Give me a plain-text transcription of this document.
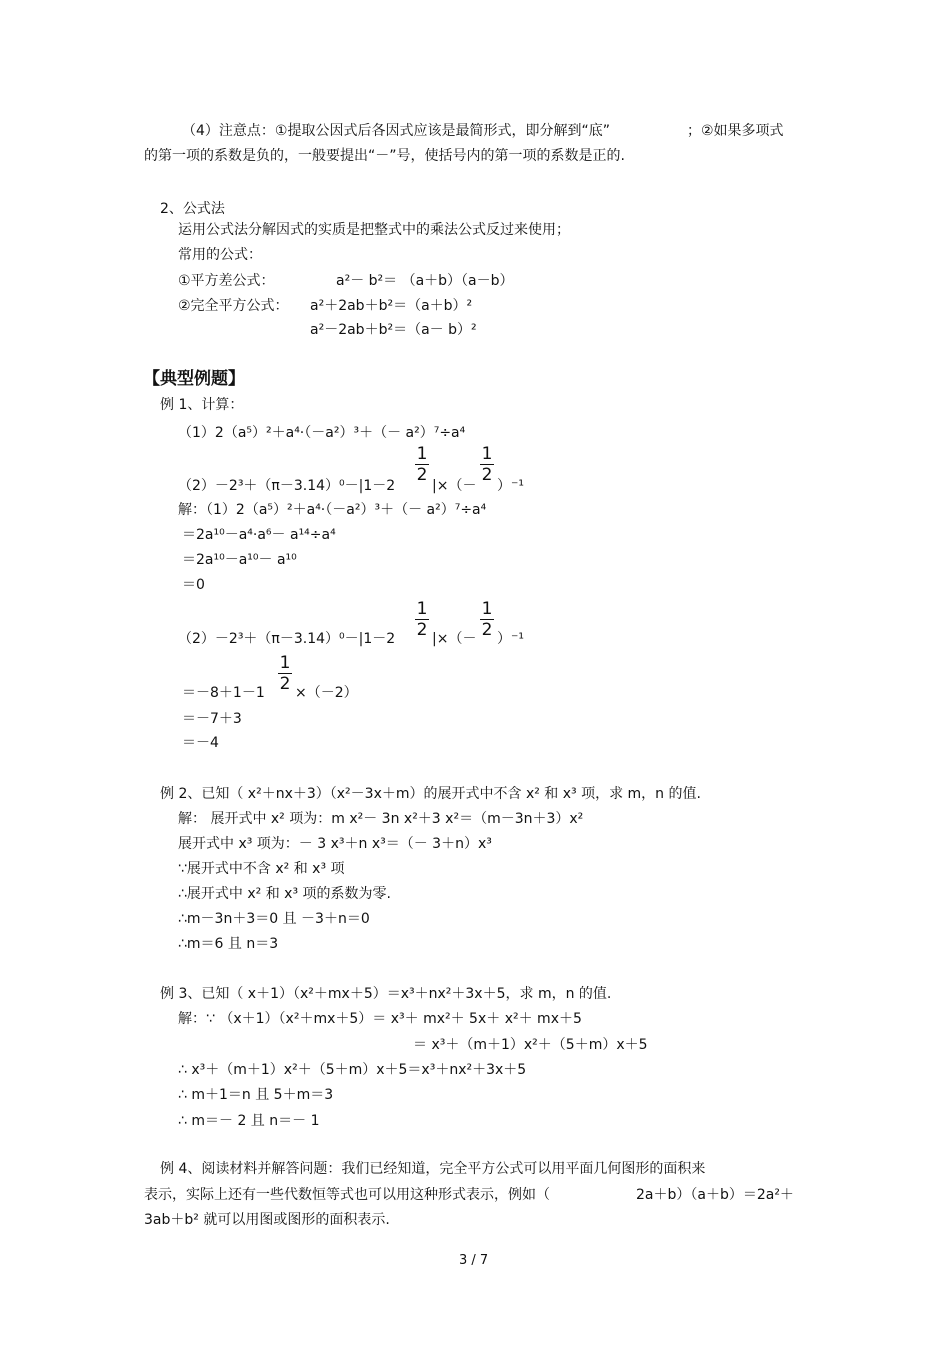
（4）注意点：①提取公因式后各因式应该是最简形式，即分解到“底”	；②如果多项式
的第一项的系数是负的，一般要提出“－”号，使括号内的第一项的系数是正的.
2、公式法
运用公式法分解因式的实质是把整式中的乘法公式反过来使用；
常用的公式：
①平方差公式：	a²－ b²＝ （a＋b）（a－b）
②完全平方公式： a²＋2ab＋b²＝（a＋b）²
a²－2ab＋b²＝（a－ b）²
【典型例题】
例 1、计算：
（1）2（a⁵）²＋a⁴·（－a²）³＋（－ a²）⁷÷a⁴
（2）－2³＋（π－3.14）⁰－|1－2
1
2
|×（－
1
2
）⁻¹
解：（1）2（a⁵）²＋a⁴·（－a²）³＋（－ a²）⁷÷a⁴
＝2a¹⁰－a⁴·a⁶－ a¹⁴÷a⁴
＝2a¹⁰－a¹⁰－ a¹⁰
＝0
（2）－2³＋（π－3.14）⁰－|1－2
1
2 |×（－
1
2 ）⁻¹
＝－8＋1－1
1
2 ×（－2）
＝－7＋3
＝－4
例 2、已知（ x²＋nx＋3）（x²－3x＋m）的展开式中不含 x² 和 x³ 项，求 m，n 的值.
解： 展开式中 x² 项为：m x²－ 3n x²＋3 x²＝（m－3n＋3）x²
展开式中 x³ 项为：－ 3 x³＋n x³＝（－ 3＋n）x³
∵展开式中不含 x² 和 x³ 项
∴展开式中 x² 和 x³ 项的系数为零.
∴m－3n＋3＝0 且 －3＋n＝0
∴m＝6 且 n＝3
例 3、已知（ x＋1）（x²＋mx＋5）＝x³＋nx²＋3x＋5，求 m，n 的值.
解：∵ （x＋1）（x²＋mx＋5）＝ x³＋ mx²＋ 5x＋ x²＋ mx＋5
＝ x³＋（m＋1）x²＋（5＋m）x＋5
∴ x³＋（m＋1）x²＋（5＋m）x＋5＝x³＋nx²＋3x＋5
∴ m＋1＝n 且 5＋m＝3
∴ m＝－ 2 且 n＝－ 1
例 4、阅读材料并解答问题：我们已经知道，完全平方公式可以用平面几何图形的面积来
表示，实际上还有一些代数恒等式也可以用这种形式表示，例如（	2a＋b）（a＋b）＝2a²＋
3ab＋b² 就可以用图或图形的面积表示.
3 / 7
